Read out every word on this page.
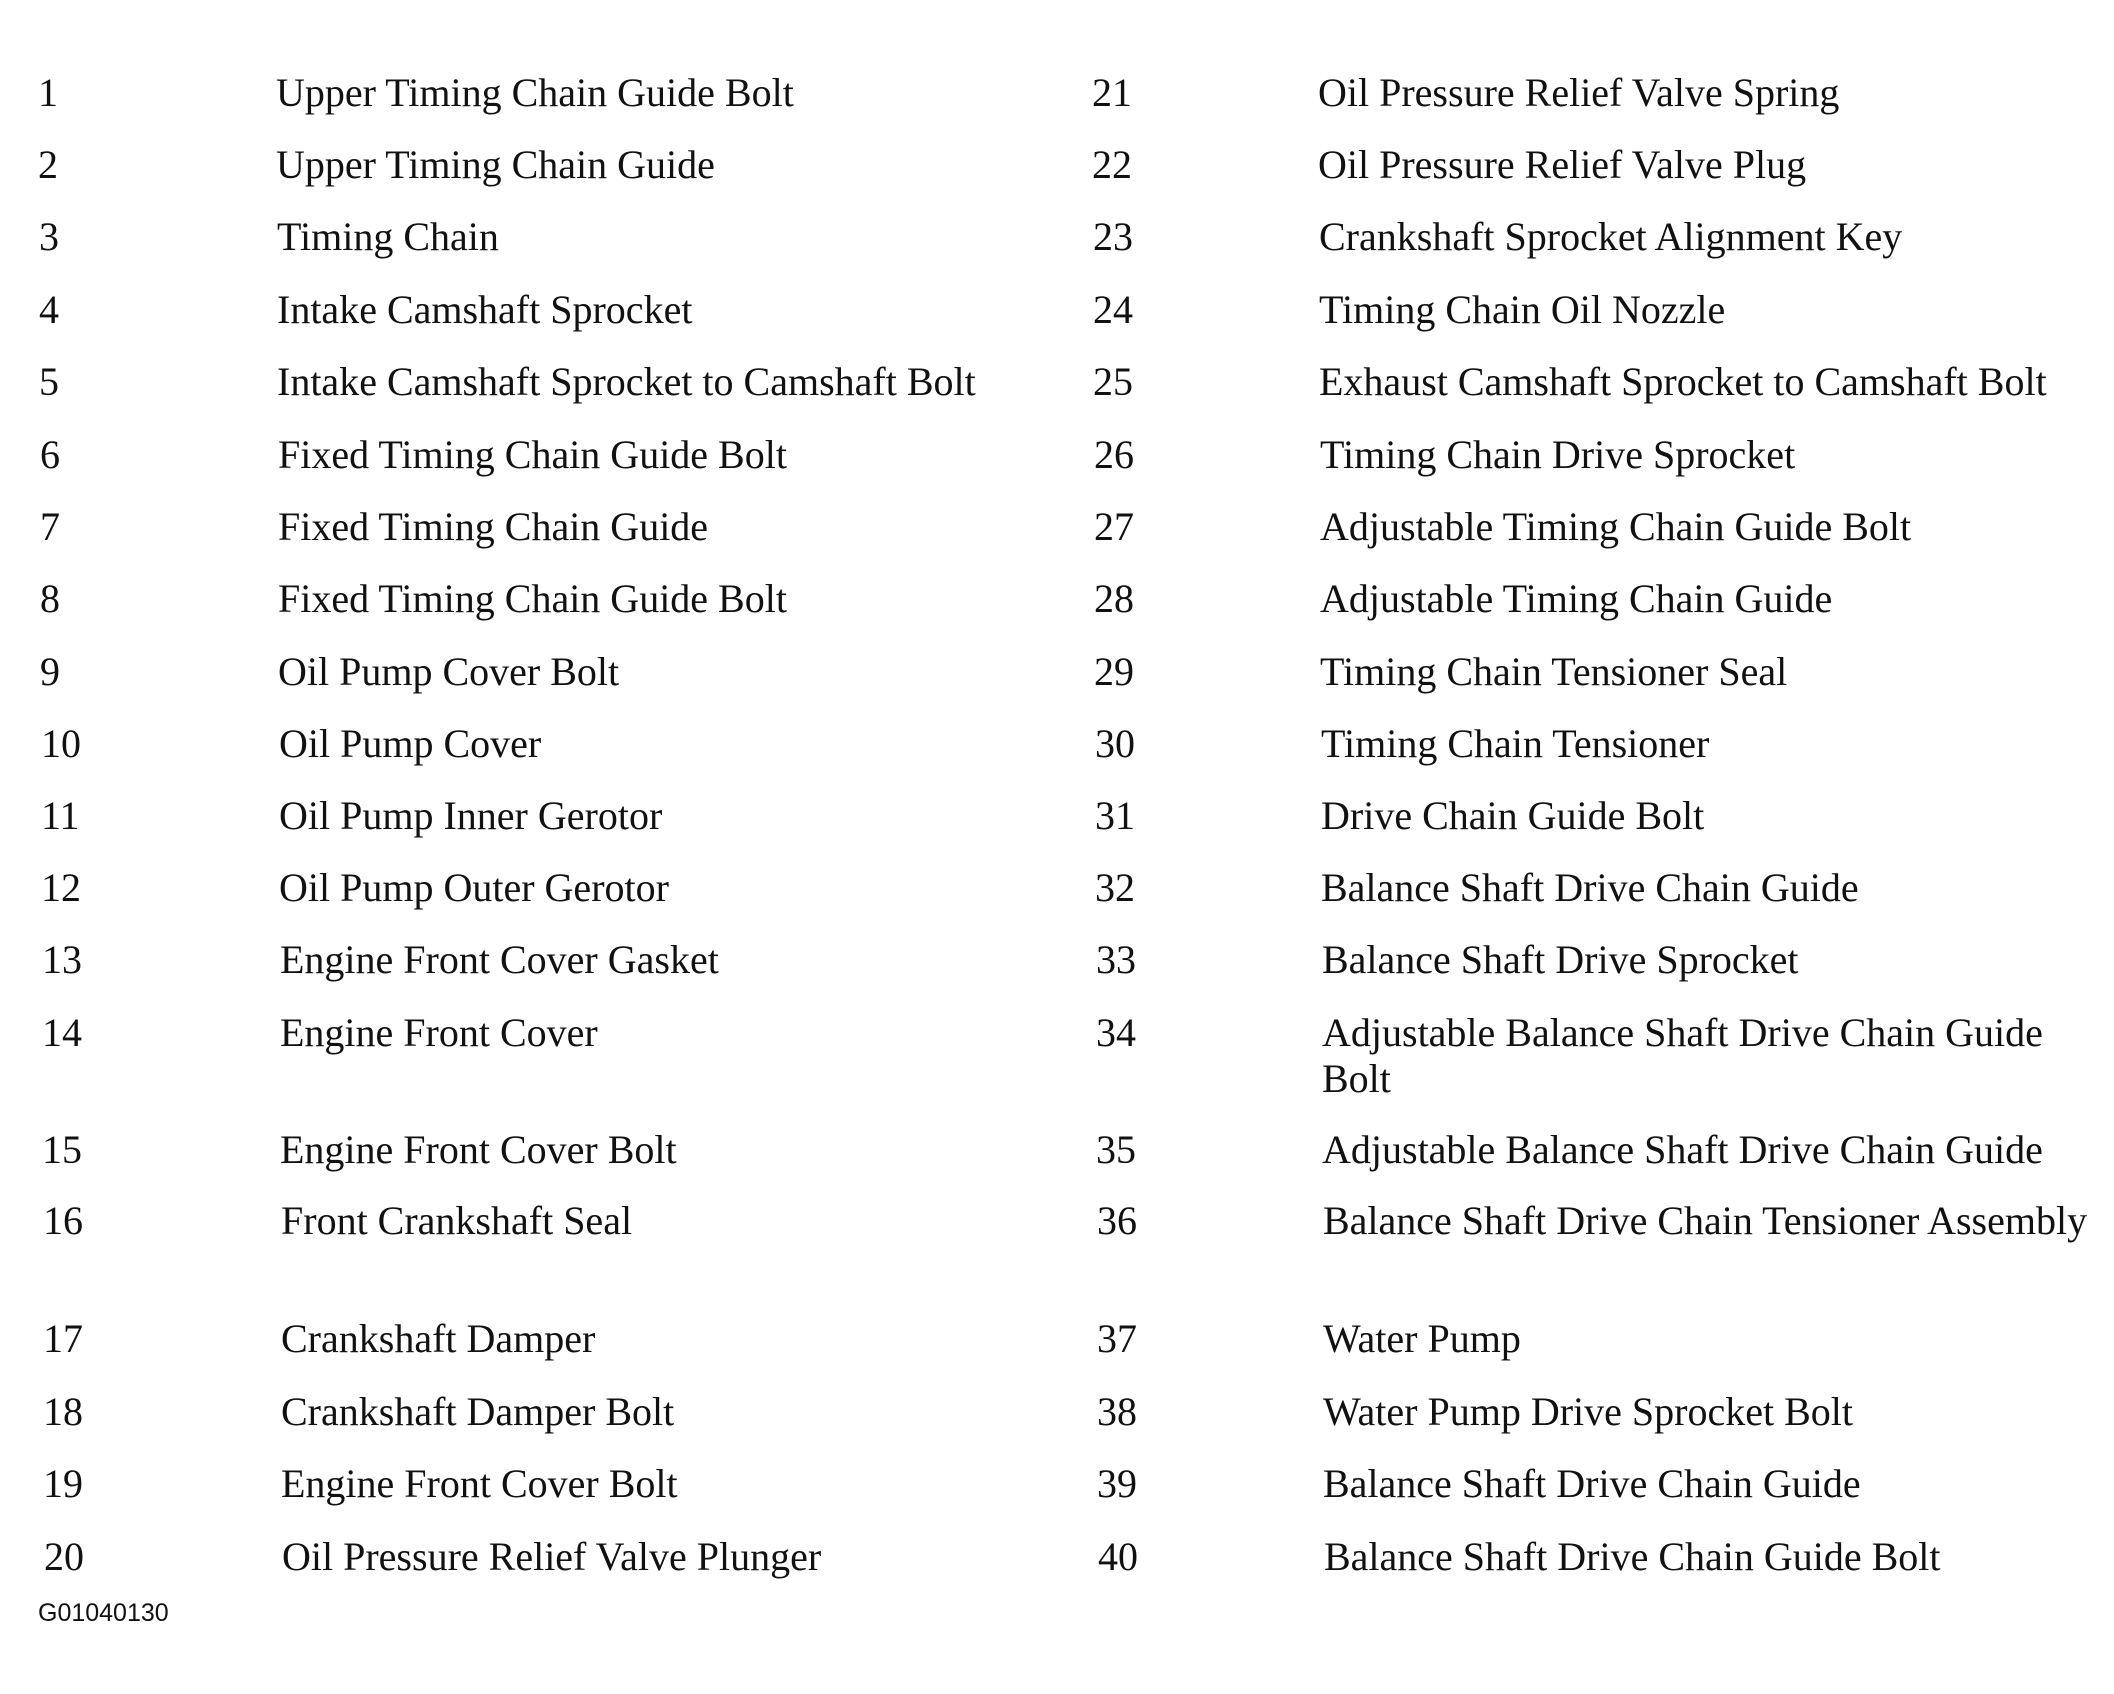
1	Upper Timing Chain Guide Bolt
2	Upper Timing Chain Guide
3	Timing Chain
4	Intake Camshaft Sprocket
5	Intake Camshaft Sprocket to Camshaft Bolt
6	Fixed Timing Chain Guide Bolt
7	Fixed Timing Chain Guide
8	Fixed Timing Chain Guide Bolt
9	Oil Pump Cover Bolt
10	Oil Pump Cover
11	Oil Pump Inner Gerotor
12	Oil Pump Outer Gerotor
13	Engine Front Cover Gasket
14	Engine Front Cover
15	Engine Front Cover Bolt
16	Front Crankshaft Seal
17	Crankshaft Damper
18	Crankshaft Damper Bolt
19	Engine Front Cover Bolt
20	Oil Pressure Relief Valve Plunger
21	Oil Pressure Relief Valve Spring
22	Oil Pressure Relief Valve Plug
23	Crankshaft Sprocket Alignment Key
24	Timing Chain Oil Nozzle
25	Exhaust Camshaft Sprocket to Camshaft Bolt
26	Timing Chain Drive Sprocket
27	Adjustable Timing Chain Guide Bolt
28	Adjustable Timing Chain Guide
29	Timing Chain Tensioner Seal
30	Timing Chain Tensioner
31	Drive Chain Guide Bolt
32	Balance Shaft Drive Chain Guide
33	Balance Shaft Drive Sprocket
34	Adjustable Balance Shaft Drive Chain Guide Bolt
35	Adjustable Balance Shaft Drive Chain Guide
36	Balance Shaft Drive Chain Tensioner Assembly
37	Water Pump
38	Water Pump Drive Sprocket Bolt
39	Balance Shaft Drive Chain Guide
40	Balance Shaft Drive Chain Guide Bolt
G01040130
